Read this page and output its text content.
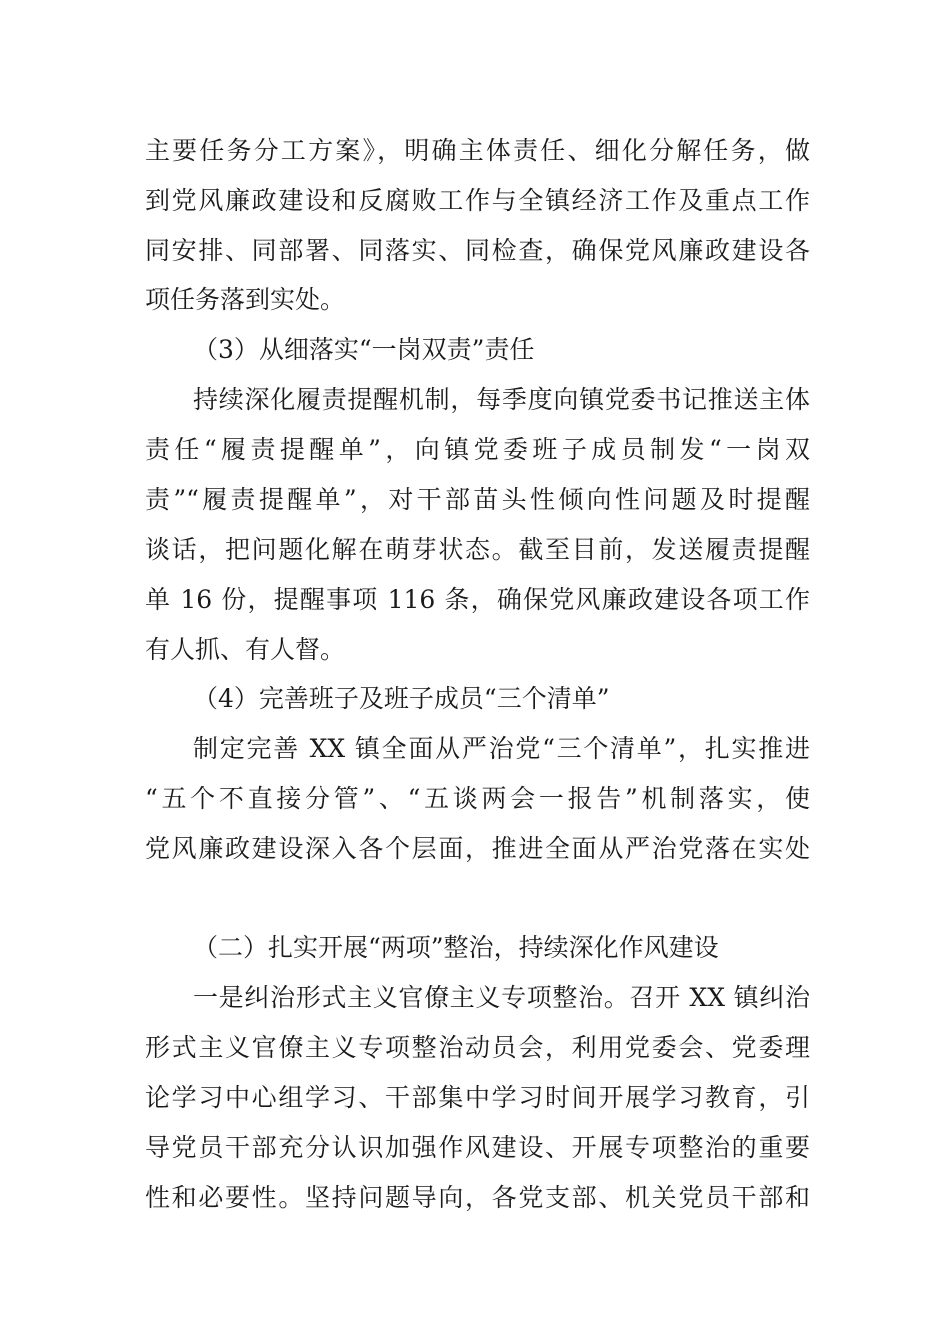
主要任务分工方案》，明确主体责任、细化分解任务，做
到党风廉政建设和反腐败工作与全镇经济工作及重点工作
同安排、同部署、同落实、同检查，确保党风廉政建设各
项任务落到实处。
（3）从细落实“一岗双责”责任
持续深化履责提醒机制，每季度向镇党委书记推送主体
责任“履责提醒单”，向镇党委班子成员制发“一岗双
责”“履责提醒单”，对干部苗头性倾向性问题及时提醒
谈话，把问题化解在萌芽状态。截至目前，发送履责提醒
单 16 份，提醒事项 116 条，确保党风廉政建设各项工作
有人抓、有人督。
（4）完善班子及班子成员“三个清单”
制定完善 XX 镇全面从严治党“三个清单”，扎实推进
“五个不直接分管”、“五谈两会一报告”机制落实，使
党风廉政建设深入各个层面，推进全面从严治党落在实处
（二）扎实开展“两项”整治，持续深化作风建设
一是纠治形式主义官僚主义专项整治。召开 XX 镇纠治
形式主义官僚主义专项整治动员会，利用党委会、党委理
论学习中心组学习、干部集中学习时间开展学习教育，引
导党员干部充分认识加强作风建设、开展专项整治的重要
性和必要性。坚持问题导向，各党支部、机关党员干部和
